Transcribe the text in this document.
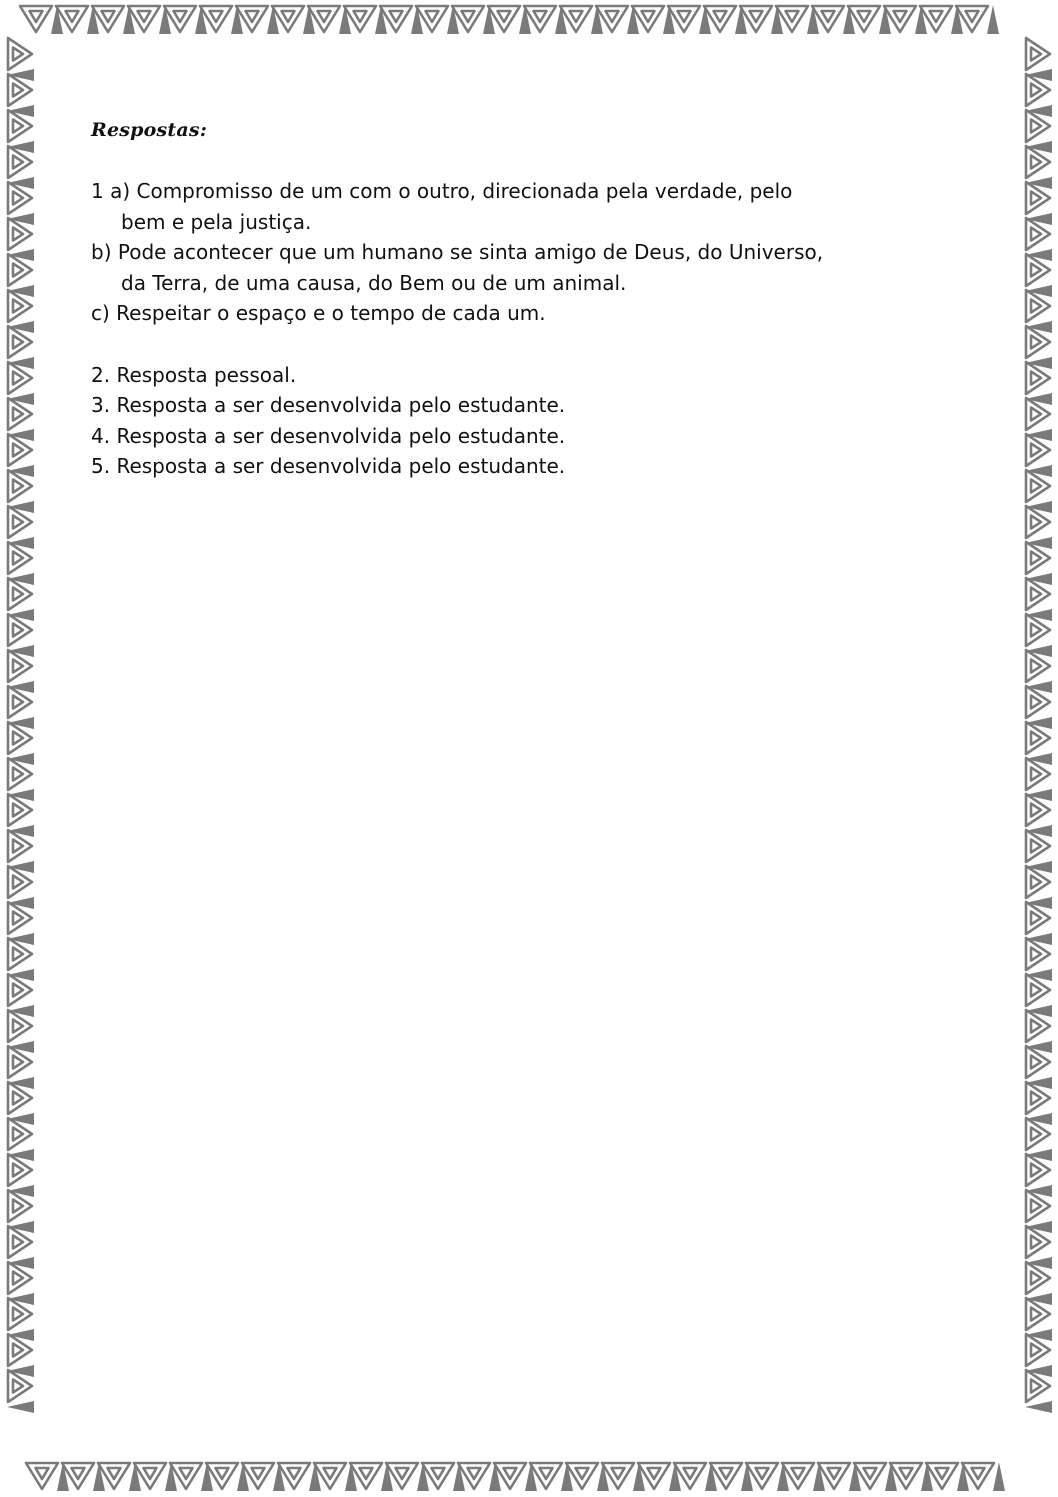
Respostas:

1 a) Compromisso de um com o outro, direcionada pela verdade, pelo

bem e pela justiça.

b) Pode acontecer que um humano se sinta amigo de Deus, do Universo,

da Terra, de uma causa, do Bem ou de um animal.

c) Respeitar o espaço e o tempo de cada um.

2. Resposta pessoal.

3. Resposta a ser desenvolvida pelo estudante.

4. Resposta a ser desenvolvida pelo estudante.

5. Resposta a ser desenvolvida pelo estudante.
